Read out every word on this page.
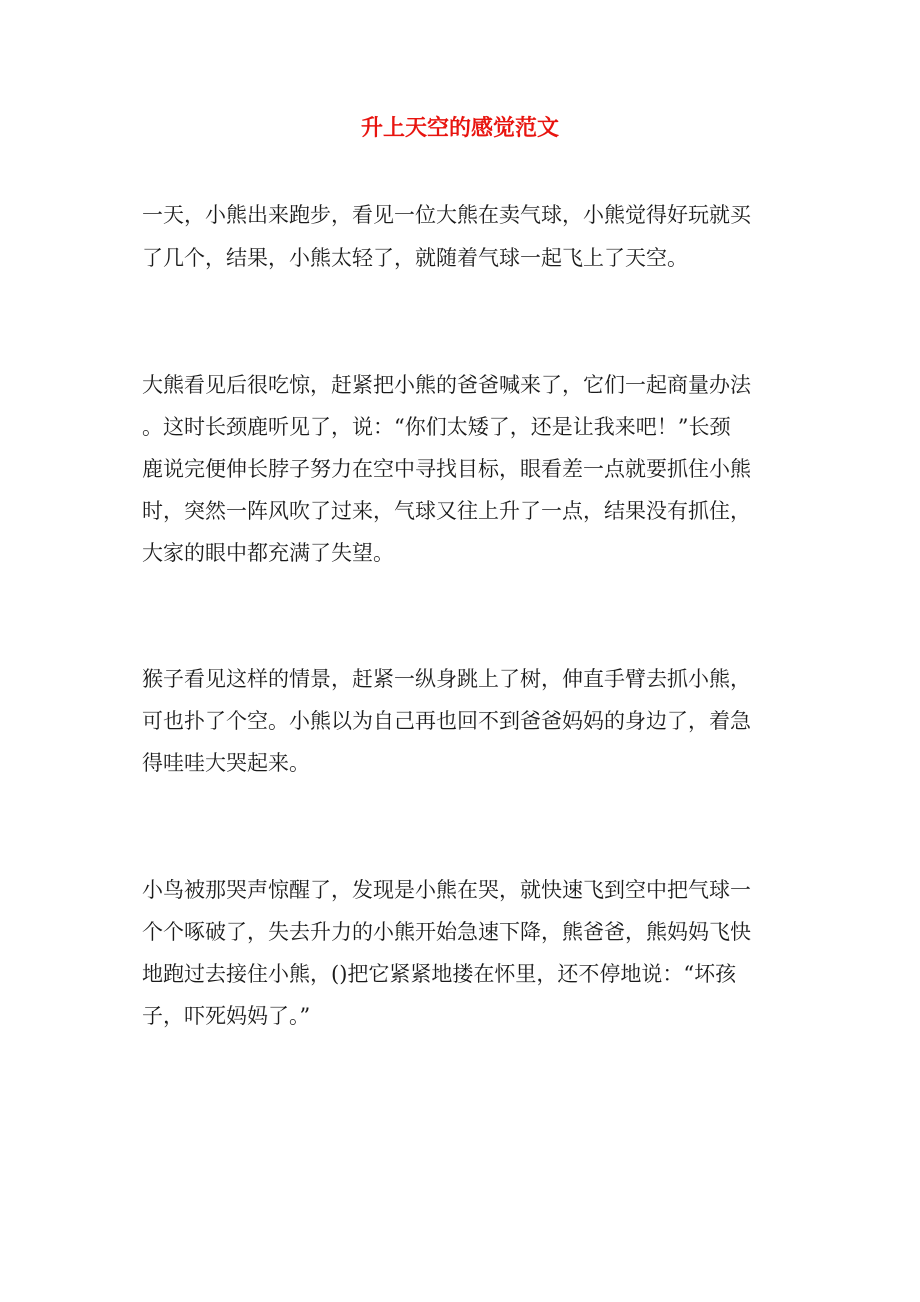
升上天空的感觉范文

一天，小熊出来跑步，看见一位大熊在卖气球，小熊觉得好玩就买

了几个，结果，小熊太轻了，就随着气球一起飞上了天空。

大熊看见后很吃惊，赶紧把小熊的爸爸喊来了，它们一起商量办法

。这时长颈鹿听见了，说：“你们太矮了，还是让我来吧！”长颈

鹿说完便伸长脖子努力在空中寻找目标，眼看差一点就要抓住小熊

时，突然一阵风吹了过来，气球又往上升了一点，结果没有抓住，

大家的眼中都充满了失望。

猴子看见这样的情景，赶紧一纵身跳上了树，伸直手臂去抓小熊，

可也扑了个空。小熊以为自己再也回不到爸爸妈妈的身边了，着急

得哇哇大哭起来。

小鸟被那哭声惊醒了，发现是小熊在哭，就快速飞到空中把气球一

个个啄破了，失去升力的小熊开始急速下降，熊爸爸，熊妈妈飞快

地跑过去接住小熊，()把它紧紧地搂在怀里，还不停地说：“坏孩

子，吓死妈妈了。”
